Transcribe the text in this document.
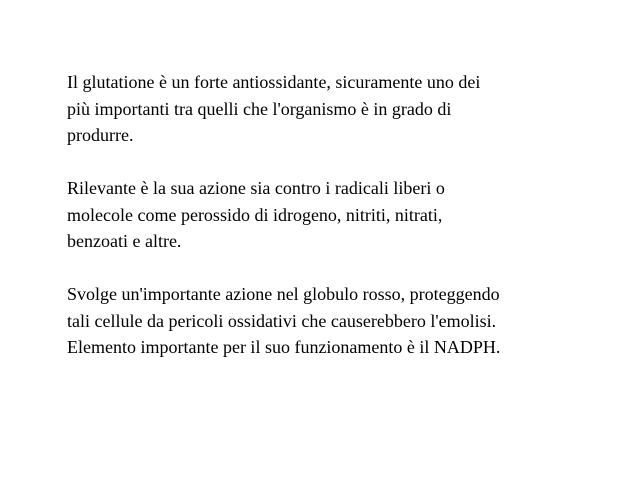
Il glutatione è un forte antiossidante, sicuramente uno dei
più importanti tra quelli che l'organismo è in grado di
produrre.

Rilevante è la sua azione sia contro i radicali liberi o
molecole come perossido di idrogeno, nitriti, nitrati,
benzoati e altre.

Svolge un'importante azione nel globulo rosso, proteggendo
tali cellule da pericoli ossidativi che causerebbero l'emolisi.
Elemento importante per il suo funzionamento è il NADPH.
